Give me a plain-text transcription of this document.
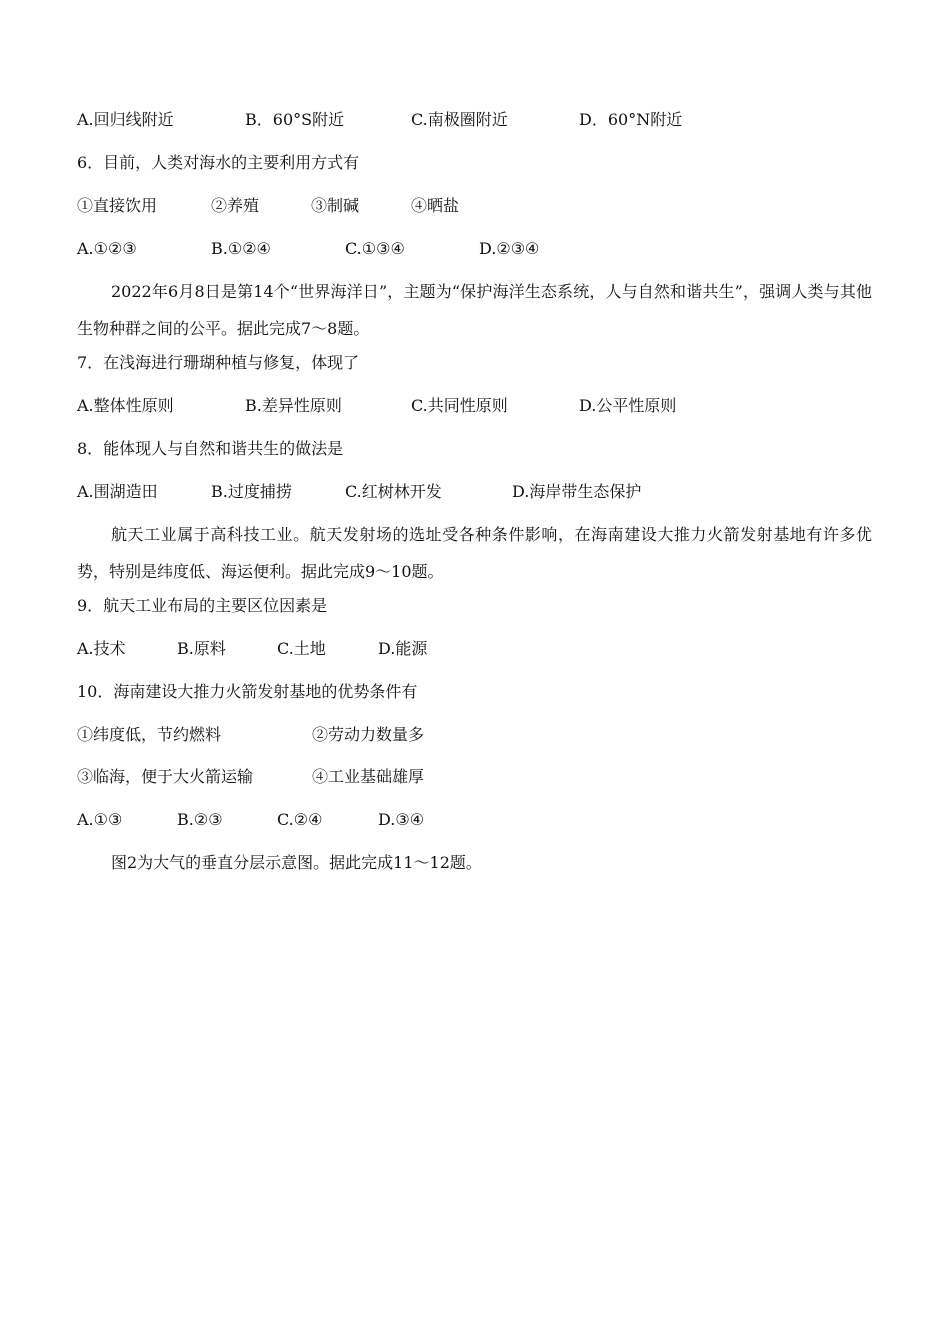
A.回归线附近	B．60°S附近	C.南极圈附近	D．60°N附近
6．目前，人类对海水的主要利用方式有
①直接饮用	②养殖	③制碱	④晒盐
A.①②③	B.①②④	C.①③④	D.②③④
2022年6月8日是第14个“世界海洋日”，主题为“保护海洋生态系统，人与自然和谐共生”，强调人类与其他生物种群之间的公平。据此完成7～8题。
7．在浅海进行珊瑚种植与修复，体现了
A.整体性原则	B.差异性原则	C.共同性原则	D.公平性原则
8．能体现人与自然和谐共生的做法是
A.围湖造田	B.过度捕捞	C.红树林开发	D.海岸带生态保护
航天工业属于高科技工业。航天发射场的选址受各种条件影响，在海南建设大推力火箭发射基地有许多优势，特别是纬度低、海运便利。据此完成9～10题。
9．航天工业布局的主要区位因素是
A.技术	B.原料	C.土地	D.能源
10．海南建设大推力火箭发射基地的优势条件有
①纬度低，节约燃料	②劳动力数量多
③临海，便于大火箭运输	④工业基础雄厚
A.①③	B.②③	C.②④	D.③④
图2为大气的垂直分层示意图。据此完成11～12题。
